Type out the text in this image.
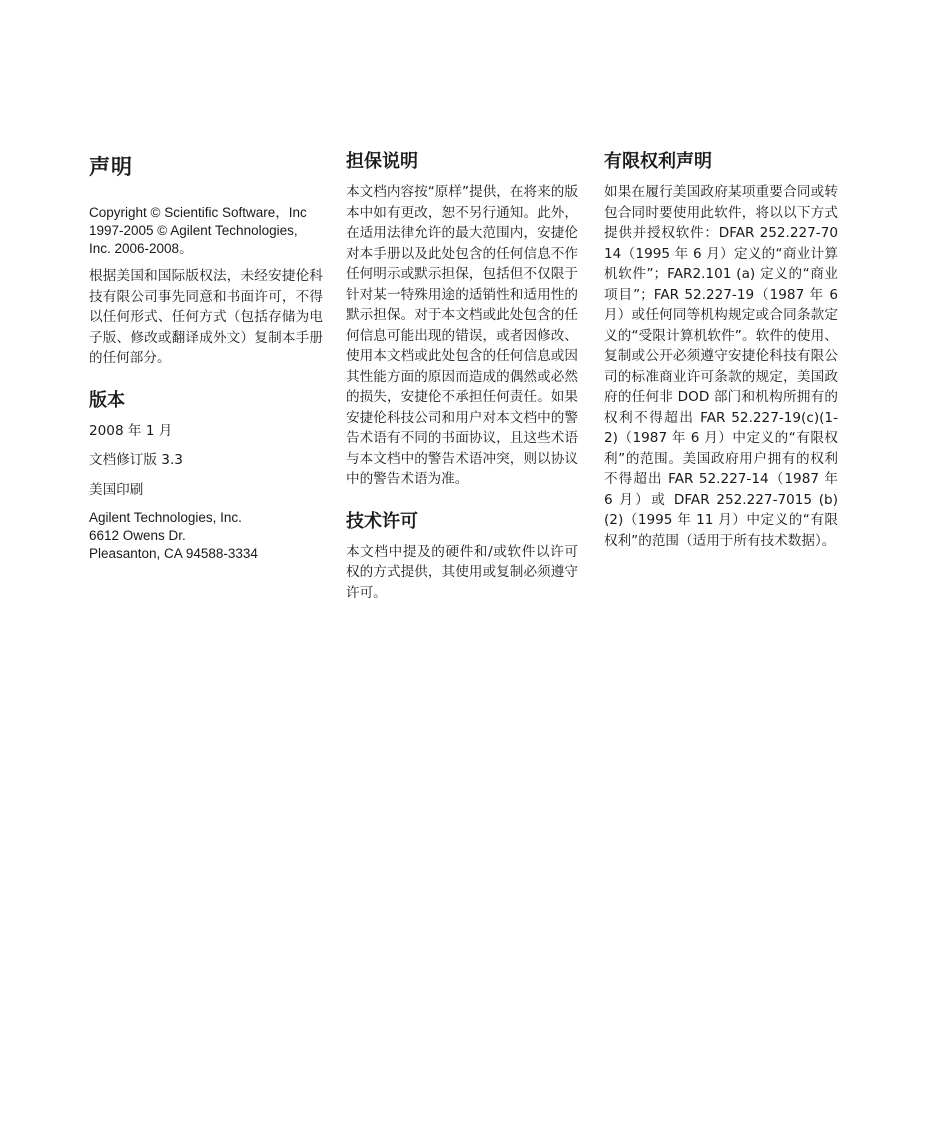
声明
Copyright © Scientific Software，Inc 1997-2005 © Agilent Technologies, Inc. 2006-2008。
根据美国和国际版权法，未经安捷伦科技有限公司事先同意和书面许可，不得以任何形式、任何方式（包括存储为电子版、修改或翻译成外文）复制本手册的任何部分。
版本
2008 年 1 月
文档修订版 3.3
美国印刷
Agilent Technologies, Inc.
6612 Owens Dr.
Pleasanton, CA 94588-3334
担保说明
本文档内容按“原样”提供，在将来的版本中如有更改，恕不另行通知。此外，在适用法律允许的最大范围内，安捷伦对本手册以及此处包含的任何信息不作任何明示或默示担保，包括但不仅限于针对某一特殊用途的适销性和适用性的默示担保。对于本文档或此处包含的任何信息可能出现的错误，或者因修改、使用本文档或此处包含的任何信息或因其性能方面的原因而造成的偶然或必然的损失，安捷伦不承担任何责任。如果安捷伦科技公司和用户对本文档中的警告术语有不同的书面协议，且这些术语与本文档中的警告术语冲突，则以协议中的警告术语为准。
技术许可
本文档中提及的硬件和/或软件以许可权的方式提供，其使用或复制必须遵守许可。
有限权利声明
如果在履行美国政府某项重要合同或转包合同时要使用此软件，将以以下方式提供并授权软件：DFAR 252.227-7014（1995 年 6 月）定义的“商业计算机软件”；FAR2.101 (a) 定义的“商业项目”；FAR 52.227-19（1987 年 6 月）或任何同等机构规定或合同条款定义的“受限计算机软件”。软件的使用、复制或公开必须遵守安捷伦科技有限公司的标准商业许可条款的规定，美国政府的任何非 DOD 部门和机构所拥有的权利不得超出 FAR 52.227-19(c)(1-2)（1987 年 6 月）中定义的“有限权利”的范围。美国政府用户拥有的权利不得超出 FAR 52.227-14（1987 年 6 月）或 DFAR 252.227-7015 (b)(2)（1995 年 11 月）中定义的“有限权利”的范围（适用于所有技术数据）。
